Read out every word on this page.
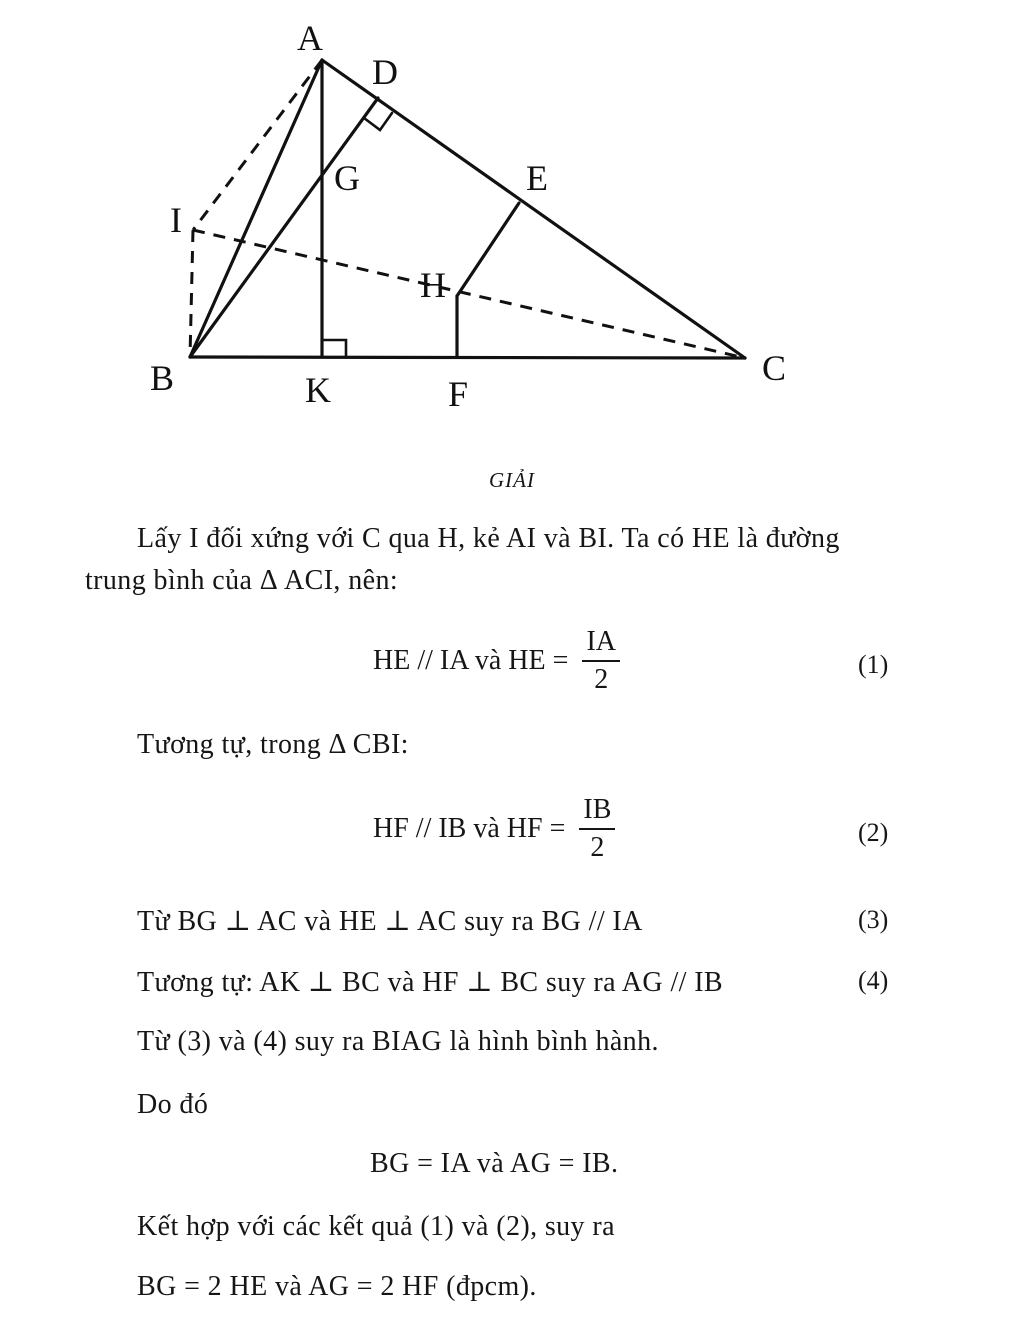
A
D
G	E
I
H
B	K	F
C
GIẢI
Lấy I đối xứng với C qua H, kẻ AI và BI. Ta có HE là đường
trung bình của Δ ACI, nên:
HE // IA và HE = $\frac{IA}{2}$	(1)
Tương tự, trong Δ CBI:
HF // IB và HF = $\frac{IB}{2}$	(2)
Từ BG ⊥ AC và HE ⊥ AC suy ra BG // IA	(3)
Tương tự: AK ⊥ BC và HF ⊥ BC suy ra AG // IB	(4)
Từ (3) và (4) suy ra BIAG là hình bình hành.
Do đó
BG = IA và AG = IB.
Kết hợp với các kết quả (1) và (2), suy ra
BG = 2 HE và AG = 2 HF (đpcm).
